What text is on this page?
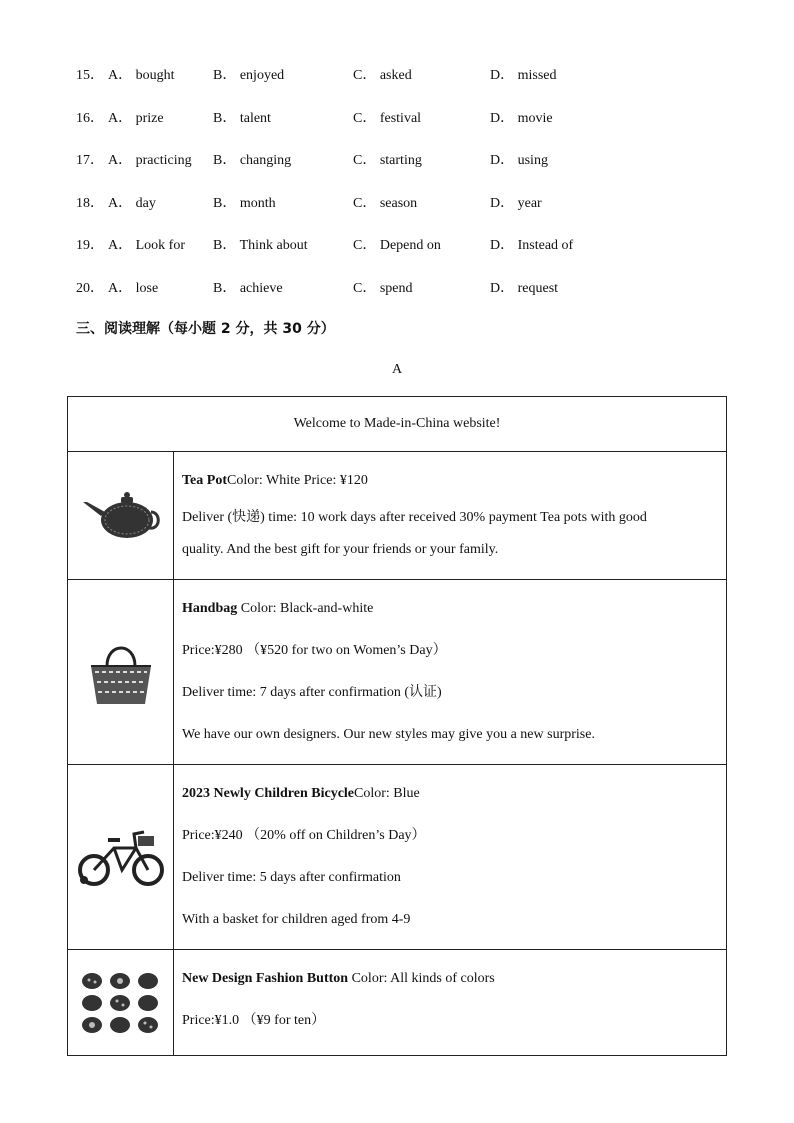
15． A． bought	B． enjoyed	C． asked	D． missed
16． A． prize	B． talent	C． festival	D． movie
17． A． practicing B． changing	C． starting	D． using
18． A． day	B． month	C． season	D． year
19． A． Look for B． Think about	C． Depend on	D． Instead of
20． A． lose	B． achieve	C． spend	D． request
三、阅读理解（每小题 2 分，共 30 分）
A
Welcome to Made-in-China website!	

Tea PotColor: White Price: ¥120

Deliver (快递) time: 10 work days after received 30% payment Tea pots with good

quality. And the best gift for your friends or your family.

Handbag Color: Black-and-white

Price:¥280 （¥520 for two on Women’s Day）

Deliver time: 7 days after confirmation (认证)

We have our own designers. Our new styles may give you a new surprise.

2023 Newly Children BicycleColor: Blue

Price:¥240 （20% off on Children’s Day）

Deliver time: 5 days after confirmation

With a basket for children aged from 4-9

New Design Fashion Button Color: All kinds of colors

Price:¥1.0 （¥9 for ten）
